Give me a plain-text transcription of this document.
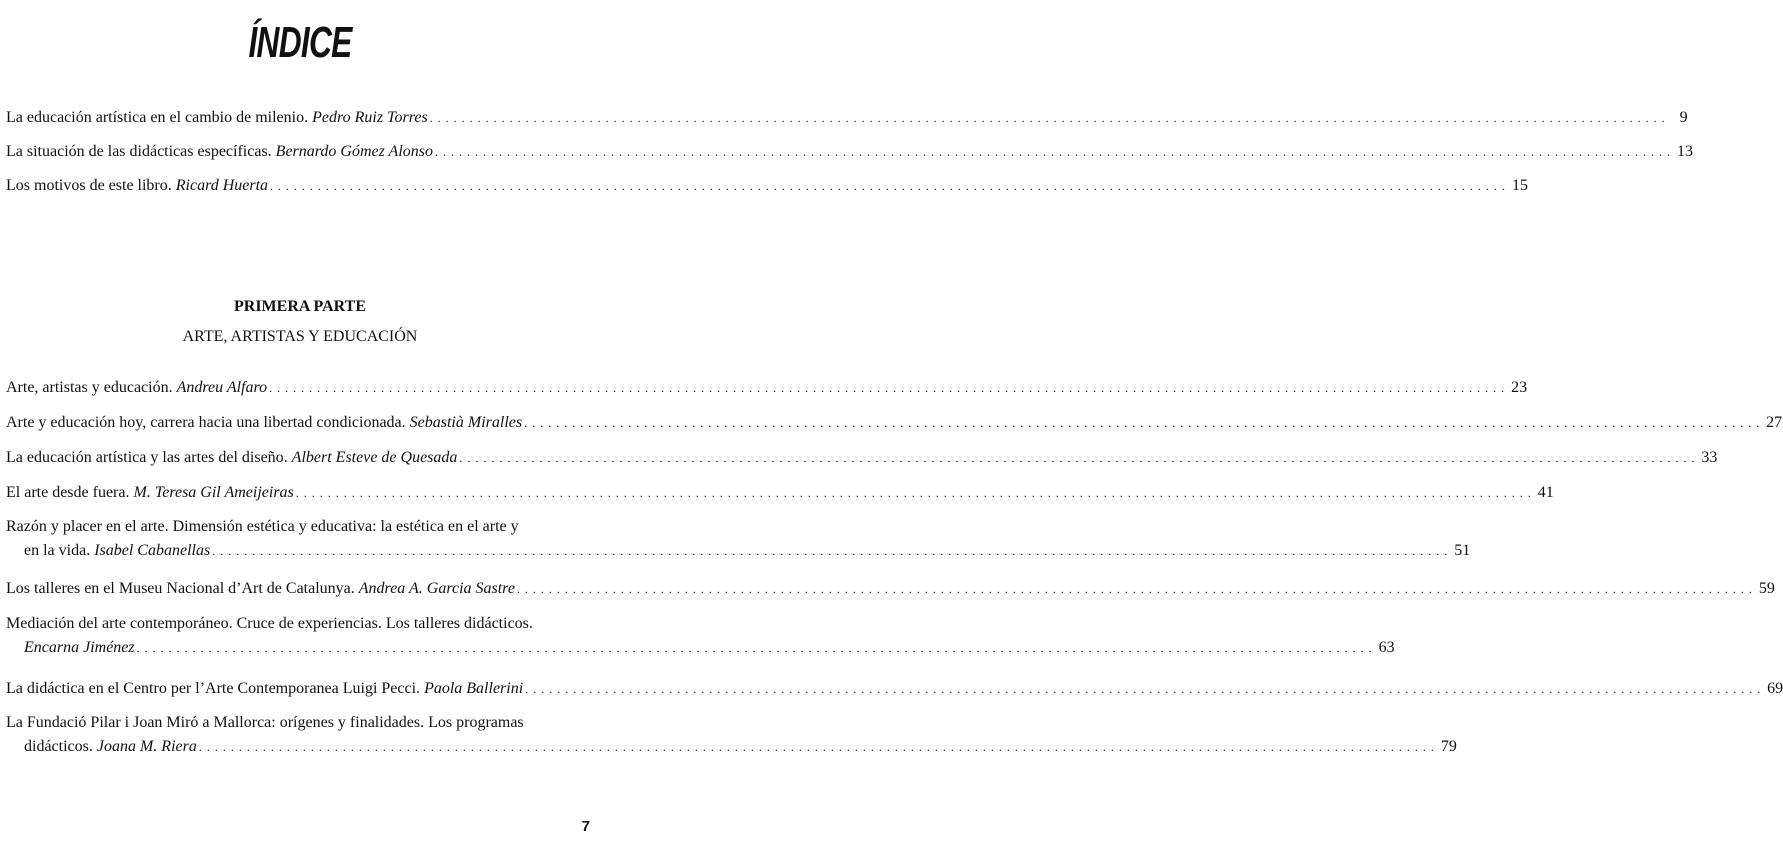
ÍNDICE
La educación artística en el cambio de milenio. Pedro Ruiz Torres . . .	9
La situación de las didácticas específicas. Bernardo Gómez Alonso . . .	13
Los motivos de este libro. Ricard Huerta . . .	15
PRIMERA PARTE
ARTE, ARTISTAS Y EDUCACIÓN
Arte, artistas y educación. Andreu Alfaro . . .	23
Arte y educación hoy, carrera hacia una libertad condicionada. Sebastià Miralles . . .	27
La educación artística y las artes del diseño. Albert Esteve de Quesada . . .	33
El arte desde fuera. M. Teresa Gil Ameijeiras . . .	41
Razón y placer en el arte. Dimensión estética y educativa: la estética en el arte y
en la vida. Isabel Cabanellas . . .	51
Los talleres en el Museu Nacional d’Art de Catalunya. Andrea A. Garcia Sastre . . .	59
Mediación del arte contemporáneo. Cruce de experiencias. Los talleres didácticos.
Encarna Jiménez . . .	63
La didáctica en el Centro per l’Arte Contemporanea Luigi Pecci. Paola Ballerini . . .	69
La Fundació Pilar i Joan Miró a Mallorca: orígenes y finalidades. Los programas
didácticos. Joana M. Riera . . .	79
7
